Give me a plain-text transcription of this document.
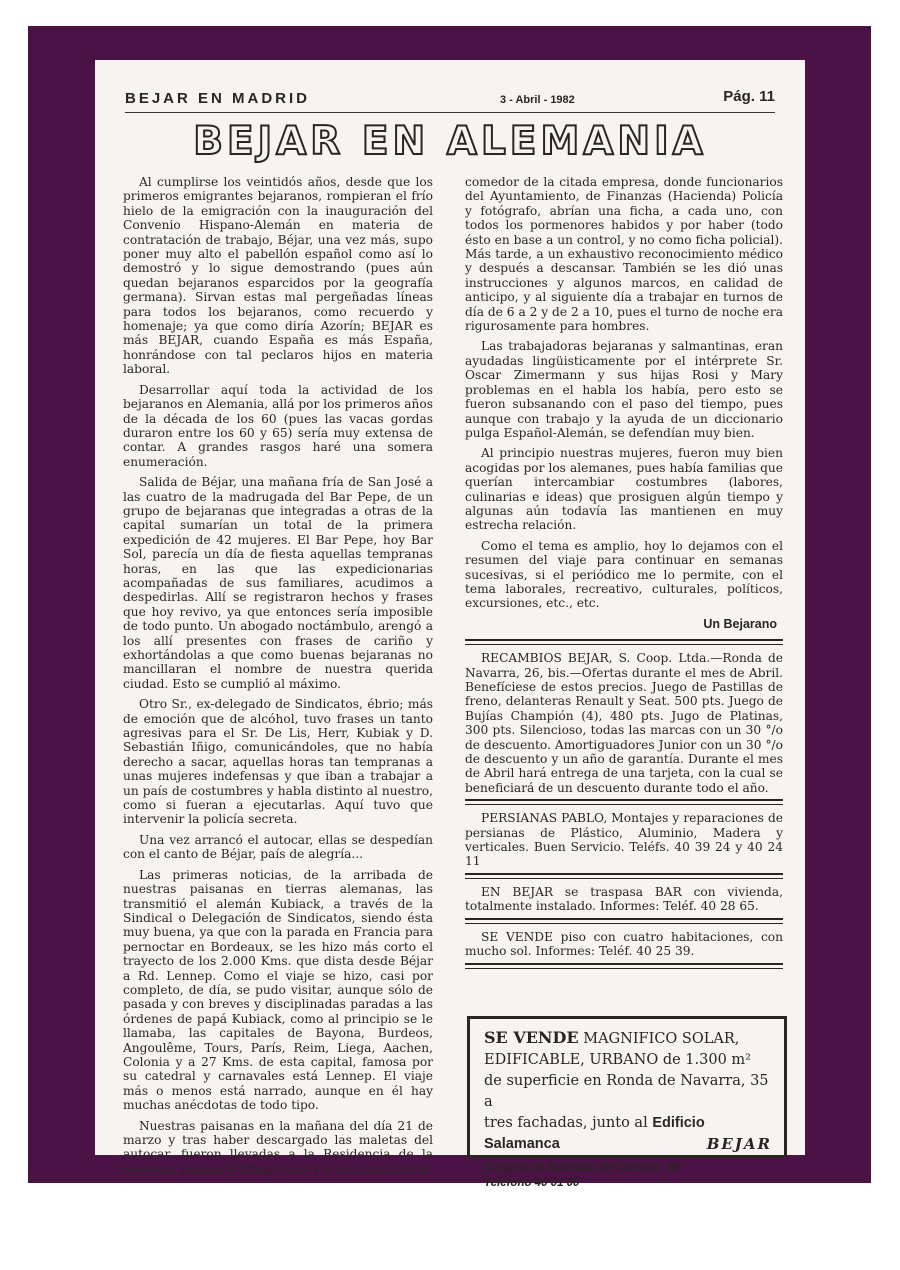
BEJAR EN MADRID	3 - Abril - 1982	Pág. 11
BEJAR EN ALEMANIA

Al cumplirse los veintidós años, desde que los primeros emigrantes bejaranos, rompieran el frío hielo de la emigración con la inauguración del Convenio Hispano-Alemán en materia de contratación de trabajo, Béjar, una vez más, supo poner muy alto el pabellón español como así lo demostró y lo sigue demostrando (pues aún quedan bejaranos esparcidos por la geografía germana). Sirvan estas mal pergeñadas líneas para todos los bejaranos, como recuerdo y homenaje; ya que como diría Azorín; BEJAR es más BEJAR, cuando España es más España, honrándose con tal peclaros hijos en materia laboral.

Desarrollar aquí toda la actividad de los bejaranos en Alemania, allá por los primeros años de la década de los 60 (pues las vacas gordas duraron entre los 60 y 65) sería muy extensa de contar. A grandes rasgos haré una somera enumeración.

Salida de Béjar, una mañana fría de San José a las cuatro de la madrugada del Bar Pepe, de un grupo de bejaranas que integradas a otras de la capital sumarían un total de la primera expedición de 42 mujeres. El Bar Pepe, hoy Bar Sol, parecía un día de fiesta aquellas tempranas horas, en las que las expedicionarias acompañadas de sus familiares, acudimos a despedirlas. Allí se registraron hechos y frases que hoy revivo, ya que entonces sería imposible de todo punto. Un abogado noctámbulo, arengó a los allí presentes con frases de cariño y exhortándolas a que como buenas bejaranas no mancillaran el nombre de nuestra querida ciudad. Esto se cumplió al máximo.

Otro Sr., ex-delegado de Sindicatos, ébrio; más de emoción que de alcóhol, tuvo frases un tanto agresivas para el Sr. De Lis, Herr, Kubiak y D. Sebastián Iñigo, comunicándoles, que no había derecho a sacar, aquellas horas tan tempranas a unas mujeres indefensas y que iban a trabajar a un país de costumbres y habla distinto al nuestro, como si fueran a ejecutarlas. Aquí tuvo que intervenir la policía secreta.

Una vez arrancó el autocar, ellas se despedían con el canto de Béjar, país de alegría...

Las primeras noticias, de la arribada de nuestras paisanas en tierras alemanas, las transmitió el alemán Kubiack, a través de la Sindical o Delegación de Sindicatos, siendo ésta muy buena, ya que con la parada en Francia para pernoctar en Bordeaux, se les hizo más corto el trayecto de los 2.000 Kms. que dista desde Béjar a Rd. Lennep. Como el viaje se hizo, casi por completo, de día, se pudo visitar, aunque sólo de pasada y con breves y disciplinadas paradas a las órdenes de papá Kubiack, como al principio se le llamaba, las capitales de Bayona, Burdeos, Angoulême, Tours, París, Reim, Liega, Aachen, Colonia y a 27 Kms. de esta capital, famosa por su catedral y carnavales está Lennep. El viaje más o menos está narrado, aunque en él hay muchas anécdotas de todo tipo.

Nuestras paisanas en la mañana del día 21 de marzo y tras haber descargado las maletas del autocar, fueron llevadas a la Residencia de la empresa Johann Wülfing Sohn y a continuación al

comedor de la citada empresa, donde funcionarios del Ayuntamiento, de Finanzas (Hacienda) Policía y fotógrafo, abrían una ficha, a cada uno, con todos los pormenores habidos y por haber (todo ésto en base a un control, y no como ficha policial). Más tarde, a un exhaustivo reconocimiento médico y después a descansar. También se les dió unas instrucciones y algunos marcos, en calidad de anticipo, y al siguiente día a trabajar en turnos de día de 6 a 2 y de 2 a 10, pues el turno de noche era rigurosamente para hombres.

Las trabajadoras bejaranas y salmantinas, eran ayudadas lingüisticamente por el intérprete Sr. Oscar Zimermann y sus hijas Rosi y Mary problemas en el habla los había, pero esto se fueron subsanando con el paso del tiempo, pues aunque con trabajo y la ayuda de un diccionario pulga Español-Alemán, se defendían muy bien.

Al principio nuestras mujeres, fueron muy bien acogidas por los alemanes, pues había familias que querían intercambiar costumbres (labores, culinarias e ideas) que prosiguen algún tiempo y algunas aún todavía las mantienen en muy estrecha relación.

Como el tema es amplio, hoy lo dejamos con el resumen del viaje para continuar en semanas sucesivas, si el periódico me lo permite, con el tema laborales, recreativo, culturales, políticos, excursiones, etc., etc.

Un Bejarano

RECAMBIOS BEJAR, S. Coop. Ltda.—Ronda de Navarra, 26, bis.—Ofertas durante el mes de Abril. Benefíciese de estos precios. Juego de Pastillas de freno, delanteras Renault y Seat. 500 pts. Juego de Bujías Champión (4), 480 pts. Jugo de Platinas, 300 pts. Silencioso, todas las marcas con un 30 °/o de descuento. Amortiguadores Junior con un 30 °/o de descuento y un año de garantía. Durante el mes de Abril hará entrega de una tarjeta, con la cual se beneficiará de un descuento durante todo el año.

PERSIANAS PABLO, Montajes y reparaciones de persianas de Plástico, Aluminio, Madera y verticales. Buen Servicio. Teléfs. 40 39 24 y 40 24 11

EN BEJAR se traspasa BAR con vivienda, totalmente instalado. Informes: Teléf. 40 28 65.

SE VENDE piso con cuatro habitaciones, con mucho sol. Informes: Teléf. 40 25 39.

SE VENDE MAGNIFICO SOLAR,
EDIFICABLE, URBANO de 1.300 m²
de superficie en Ronda de Navarra, 35 a
tres fachadas, junto al Edificio Salamanca
Dirigirse al Apartado de Correos, 36
Teléfono 40 01 00
BEJAR
